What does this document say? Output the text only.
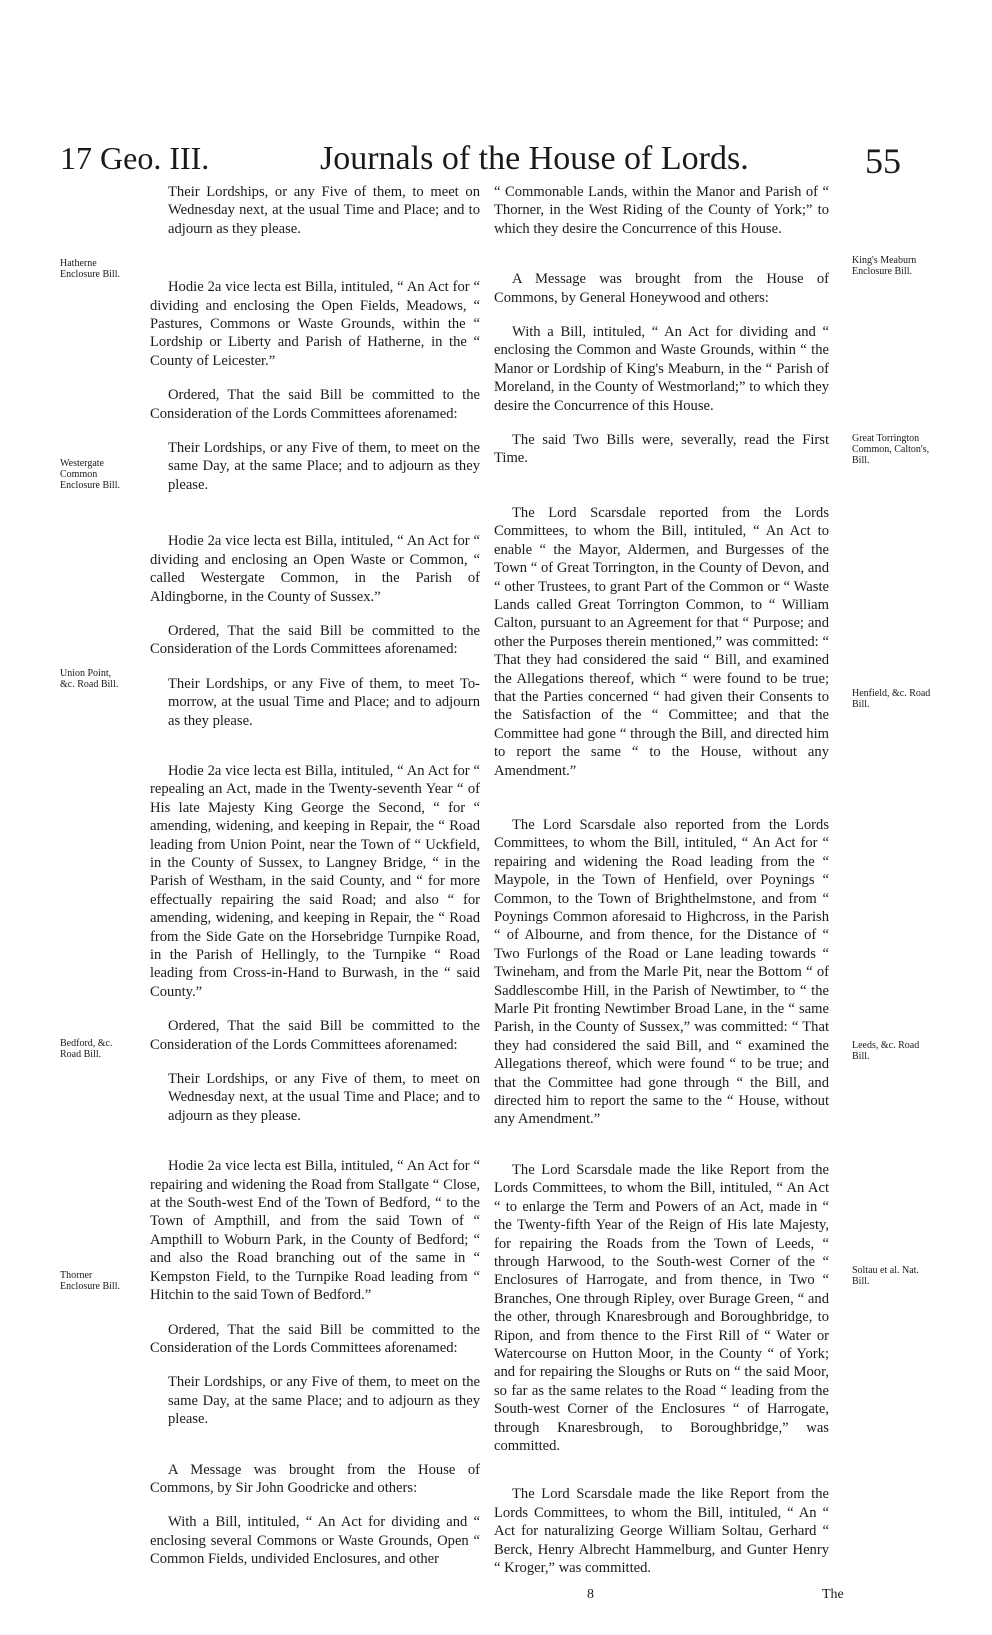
17 Geo. III.	Journals of the House of Lords.	55

Hatherne Enclosure Bill.
Westergate Common Enclosure Bill.
Union Point, &c. Road Bill.
Bedford, &c. Road Bill.
Thorner Enclosure Bill.
King's Meaburn Enclosure Bill.
Great Torrington Common, Calton's, Bill.
Henfield, &c. Road Bill.
Leeds, &c. Road Bill.
Soltau et al. Nat. Bill.

Their Lordships, or any Five of them, to meet on Wednesday next, at the usual Time and Place; and to adjourn as they please.

Hodie 2a vice lecta est Billa, intituled, “ An Act for “ dividing and enclosing the Open Fields, Meadows, “ Pastures, Commons or Waste Grounds, within the “ Lordship or Liberty and Parish of Hatherne, in the “ County of Leicester.”

Ordered, That the said Bill be committed to the Consideration of the Lords Committees aforenamed:

Their Lordships, or any Five of them, to meet on the same Day, at the same Place; and to adjourn as they please.

Hodie 2a vice lecta est Billa, intituled, “ An Act for “ dividing and enclosing an Open Waste or Common, “ called Westergate Common, in the Parish of Aldingborne, in the County of Sussex.”

Ordered, That the said Bill be committed to the Consideration of the Lords Committees aforenamed:

Their Lordships, or any Five of them, to meet To-morrow, at the usual Time and Place; and to adjourn as they please.

Hodie 2a vice lecta est Billa, intituled, “ An Act for “ repealing an Act, made in the Twenty-seventh Year “ of His late Majesty King George the Second, “ for “ amending, widening, and keeping in Repair, the “ Road leading from Union Point, near the Town of “ Uckfield, in the County of Sussex, to Langney Bridge, “ in the Parish of Westham, in the said County, and “ for more effectually repairing the said Road; and also “ for amending, widening, and keeping in Repair, the “ Road from the Side Gate on the Horsebridge Turnpike Road, in the Parish of Hellingly, to the Turnpike “ Road leading from Cross-in-Hand to Burwash, in the “ said County.”

Ordered, That the said Bill be committed to the Consideration of the Lords Committees aforenamed:

Their Lordships, or any Five of them, to meet on Wednesday next, at the usual Time and Place; and to adjourn as they please.

Hodie 2a vice lecta est Billa, intituled, “ An Act for “ repairing and widening the Road from Stallgate “ Close, at the South-west End of the Town of Bedford, “ to the Town of Ampthill, and from the said Town of “ Ampthill to Woburn Park, in the County of Bedford; “ and also the Road branching out of the same in “ Kempston Field, to the Turnpike Road leading from “ Hitchin to the said Town of Bedford.”

Ordered, That the said Bill be committed to the Consideration of the Lords Committees aforenamed:

Their Lordships, or any Five of them, to meet on the same Day, at the same Place; and to adjourn as they please.

A Message was brought from the House of Commons, by Sir John Goodricke and others:

With a Bill, intituled, “ An Act for dividing and “ enclosing several Commons or Waste Grounds, Open “ Common Fields, undivided Enclosures, and other

“ Commonable Lands, within the Manor and Parish of “ Thorner, in the West Riding of the County of York;” to which they desire the Concurrence of this House.

A Message was brought from the House of Commons, by General Honeywood and others:

With a Bill, intituled, “ An Act for dividing and “ enclosing the Common and Waste Grounds, within “ the Manor or Lordship of King's Meaburn, in the “ Parish of Moreland, in the County of Westmorland;” to which they desire the Concurrence of this House.

The said Two Bills were, severally, read the First Time.

The Lord Scarsdale reported from the Lords Committees, to whom the Bill, intituled, “ An Act to enable “ the Mayor, Aldermen, and Burgesses of the Town “ of Great Torrington, in the County of Devon, and “ other Trustees, to grant Part of the Common or “ Waste Lands called Great Torrington Common, to “ William Calton, pursuant to an Agreement for that “ Purpose; and other the Purposes therein mentioned,” was committed: “ That they had considered the said “ Bill, and examined the Allegations thereof, which “ were found to be true; that the Parties concerned “ had given their Consents to the Satisfaction of the “ Committee; and that the Committee had gone “ through the Bill, and directed him to report the same “ to the House, without any Amendment.”

The Lord Scarsdale also reported from the Lords Committees, to whom the Bill, intituled, “ An Act for “ repairing and widening the Road leading from the “ Maypole, in the Town of Henfield, over Poynings “ Common, to the Town of Brighthelmstone, and from “ Poynings Common aforesaid to Highcross, in the Parish “ of Albourne, and from thence, for the Distance of “ Two Furlongs of the Road or Lane leading towards “ Twineham, and from the Marle Pit, near the Bottom “ of Saddlescombe Hill, in the Parish of Newtimber, to “ the Marle Pit fronting Newtimber Broad Lane, in the “ same Parish, in the County of Sussex,” was committed: “ That they had considered the said Bill, and “ examined the Allegations thereof, which were found “ to be true; and that the Committee had gone through “ the Bill, and directed him to report the same to the “ House, without any Amendment.”

The Lord Scarsdale made the like Report from the Lords Committees, to whom the Bill, intituled, “ An Act “ to enlarge the Term and Powers of an Act, made in “ the Twenty-fifth Year of the Reign of His late Majesty, for repairing the Roads from the Town of Leeds, “ through Harwood, to the South-west Corner of the “ Enclosures of Harrogate, and from thence, in Two “ Branches, One through Ripley, over Burage Green, “ and the other, through Knaresbrough and Boroughbridge, to Ripon, and from thence to the First Rill of “ Water or Watercourse on Hutton Moor, in the County “ of York; and for repairing the Sloughs or Ruts on “ the said Moor, so far as the same relates to the Road “ leading from the South-west Corner of the Enclosures “ of Harrogate, through Knaresbrough, to Boroughbridge,” was committed.

The Lord Scarsdale made the like Report from the Lords Committees, to whom the Bill, intituled, “ An “ Act for naturalizing George William Soltau, Gerhard “ Berck, Henry Albrecht Hammelburg, and Gunter Henry “ Kroger,” was committed.

8	The
